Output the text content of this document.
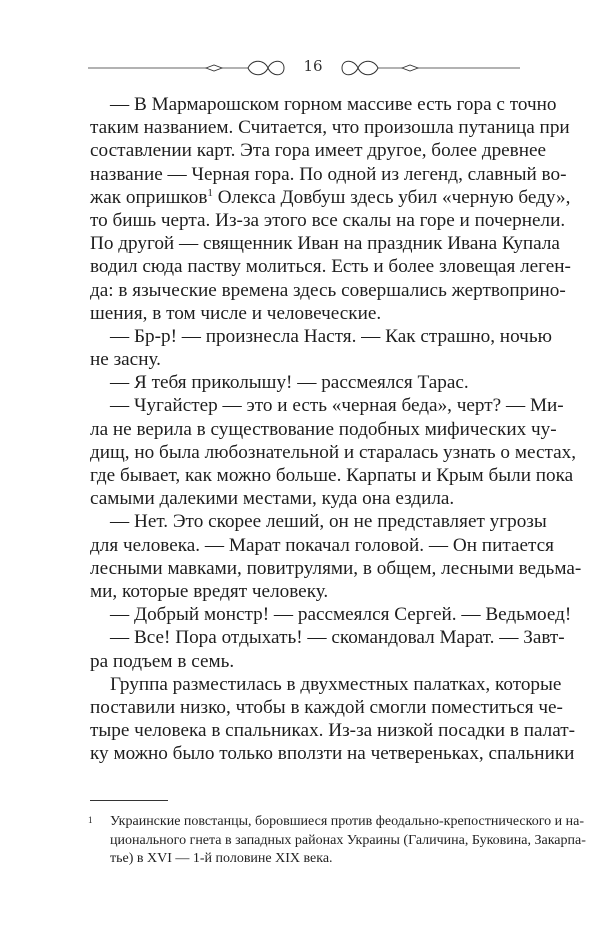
16
— В Мармарошском горном массиве есть гора с точно
таким названием. Считается, что произошла путаница при
составлении карт. Эта гора имеет другое, более древнее
название — Черная гора. По одной из легенд, славный во-
жак опришков$^1$ Олекса Довбуш здесь убил «черную беду»,
то бишь черта. Из-за этого все скалы на горе и почернели.
По другой — священник Иван на праздник Ивана Купала
водил сюда паству молиться. Есть и более зловещая леген-
да: в языческие времена здесь совершались жертвоприно-
шения, в том числе и человеческие.
— Бр-р! — произнесла Настя. — Как страшно, ночью
не засну.
— Я тебя приколышу! — рассмеялся Тарас.
— Чугайстер — это и есть «черная беда», черт? — Ми-
ла не верила в существование подобных мифических чу-
дищ, но была любознательной и старалась узнать о местах,
где бывает, как можно больше. Карпаты и Крым были пока
самыми далекими местами, куда она ездила.
— Нет. Это скорее леший, он не представляет угрозы
для человека. — Марат покачал головой. — Он питается
лесными мавками, повитрулями, в общем, лесными ведьма-
ми, которые вредят человеку.
— Добрый монстр! — рассмеялся Сергей. — Ведьмоед!
— Все! Пора отдыхать! — скомандовал Марат. — Завт-
ра подъем в семь.
Группа разместилась в двухместных палатках, которые
поставили низко, чтобы в каждой смогли поместиться че-
тыре человека в спальниках. Из-за низкой посадки в палат-
ку можно было только вползти на четвереньках, спальники
1 Украинские повстанцы, боровшиеся против феодально-крепостнического и на-
ционального гнета в западных районах Украины (Галичина, Буковина, Закарпа-
тье) в XVI — 1-й половине XIX века.
